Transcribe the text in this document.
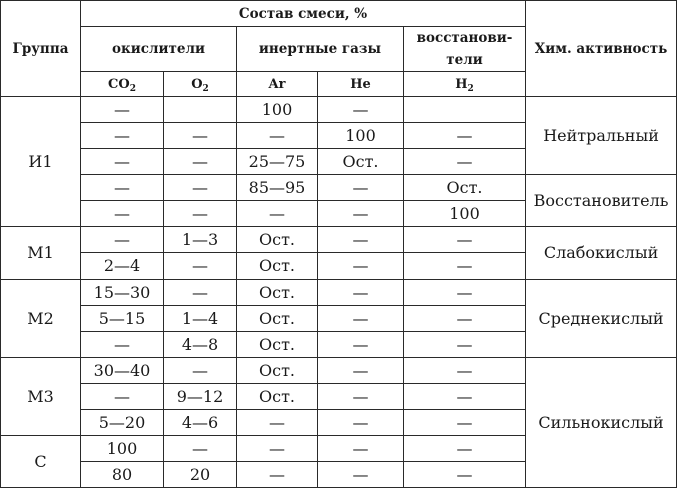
Группа	Состав смеси, %					Хим. активность
	окислители		инертные газы		восстанови-
тели	
	$CO_2$	$O_2$	Ar	He	$H_2$
И1	—		100	—		Нейтральный
	—	—	—	100	—	
	—	—	25—75	Ост.	—	
	—	—	85—95	—	Ост.	Восстановитель
	—	—	—	—	100	
М1	—	1—3	Ост.	—	—	Слабокислый
	2—4	—	Ост.	—	—	
М2	15—30	—	Ост.	—	—	Среднекислый
	5—15	1—4	Ост.	—	—	
	—	4—8	Ост.	—	—	
М3	30—40	—	Ост.	—	—	Сильнокислый
	—	9—12	Ост.	—	—	
	5—20	4—6	—	—	—	
С	100	—	—	—	—	
	80	20	—	—	—	
